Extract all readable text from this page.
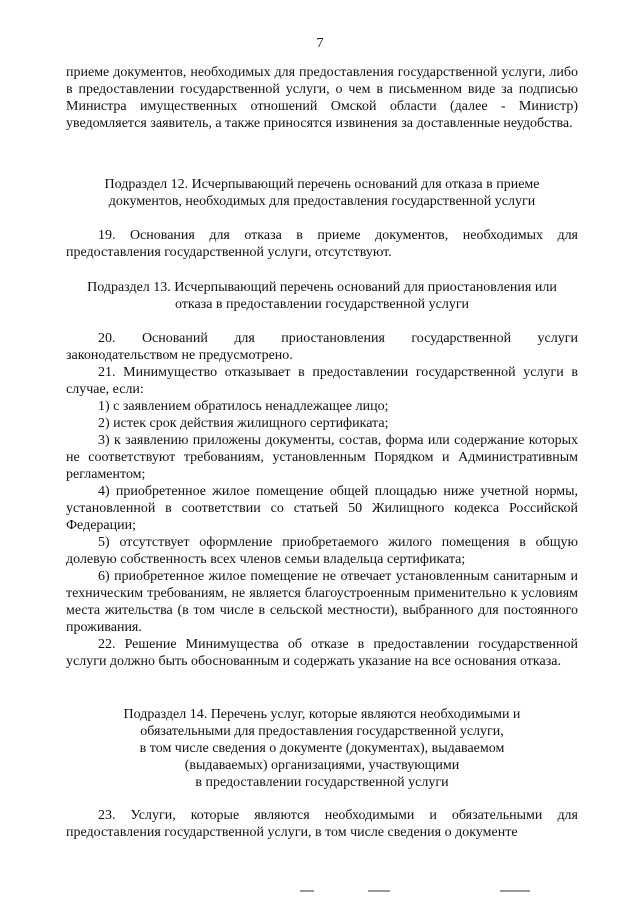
7
приеме документов, необходимых для предоставления государственной услуги, либо в предоставлении государственной услуги, о чем в письменном виде за подписью Министра имущественных отношений Омской области (далее - Министр) уведомляется заявитель, а также приносятся извинения за доставленные неудобства.
Подраздел 12. Исчерпывающий перечень оснований для отказа в приеме документов, необходимых для предоставления государственной услуги
19. Основания для отказа в приеме документов, необходимых для предоставления государственной услуги, отсутствуют.
Подраздел 13. Исчерпывающий перечень оснований для приостановления или отказа в предоставлении государственной услуги
20. Оснований для приостановления государственной услуги законодательством не предусмотрено.
21. Минимущество отказывает в предоставлении государственной услуги в случае, если:
1) с заявлением обратилось ненадлежащее лицо;
2) истек срок действия жилищного сертификата;
3) к заявлению приложены документы, состав, форма или содержание которых не соответствуют требованиям, установленным Порядком и Административным регламентом;
4) приобретенное жилое помещение общей площадью ниже учетной нормы, установленной в соответствии со статьей 50 Жилищного кодекса Российской Федерации;
5) отсутствует оформление приобретаемого жилого помещения в общую долевую собственность всех членов семьи владельца сертификата;
6) приобретенное жилое помещение не отвечает установленным санитарным и техническим требованиям, не является благоустроенным применительно к условиям места жительства (в том числе в сельской местности), выбранного для постоянного проживания.
22. Решение Минимущества об отказе в предоставлении государственной услуги должно быть обоснованным и содержать указание на все основания отказа.
Подраздел 14. Перечень услуг, которые являются необходимыми и
обязательными для предоставления государственной услуги,
в том числе сведения о документе (документах), выдаваемом
(выдаваемых) организациями, участвующими
в предоставлении государственной услуги
23. Услуги, которые являются необходимыми и обязательными для предоставления государственной услуги, в том числе сведения о документе
